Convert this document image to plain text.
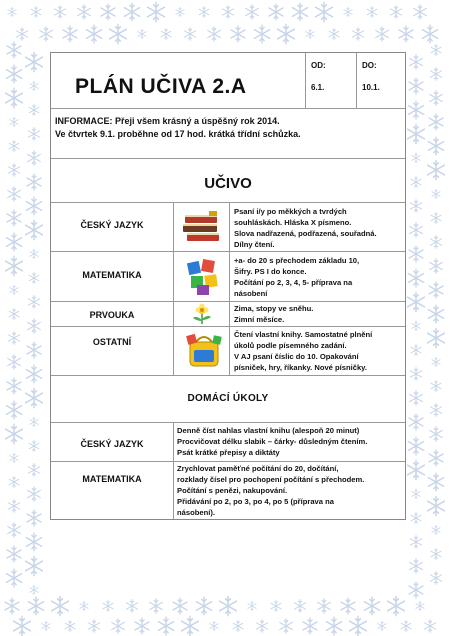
PLÁN UČIVA 2.A
OD:
6.1.
DO:
10.1.
INFORMACE: Přeji všem krásný a úspěšný rok 2014.
Ve čtvrtek 9.1. proběhne od 17 hod. krátká třídní schůzka.
UČIVO
ČESKÝ JAZYK
Psaní i/y po měkkých a tvrdých
souhláskách. Hláska X písmeno.
Slova nadřazená, podřazená, souřadná.
Dílny čtení.
MATEMATIKA
+a- do 20 s přechodem základu 10,
Šifry. PS I do konce.
Počítání po 2, 3, 4, 5- příprava na
násobení
PRVOUKA
Zima, stopy ve sněhu.
Zimní měsíce.
OSTATNÍ
Čtení vlastní knihy. Samostatné plnění
úkolů podle písemného zadání.
V AJ psaní číslic do 10. Opakování
písniček, hry, říkanky. Nové písničky.
DOMÁCÍ ÚKOLY
ČESKÝ JAZYK
Denně číst nahlas vlastní knihu (alespoň 20 minut)
Procvičovat délku slabik – čárky- důsledným čtením.
Psát krátké přepisy a diktáty
MATEMATIKA
Zrychlovat paměťné počítání do 20, dočítání,
rozklady čísel pro pochopení počítání s přechodem.
Počítání s penězi, nakupování.
Přidávání po 2, po 3, po 4, po 5 (příprava na
násobení).
